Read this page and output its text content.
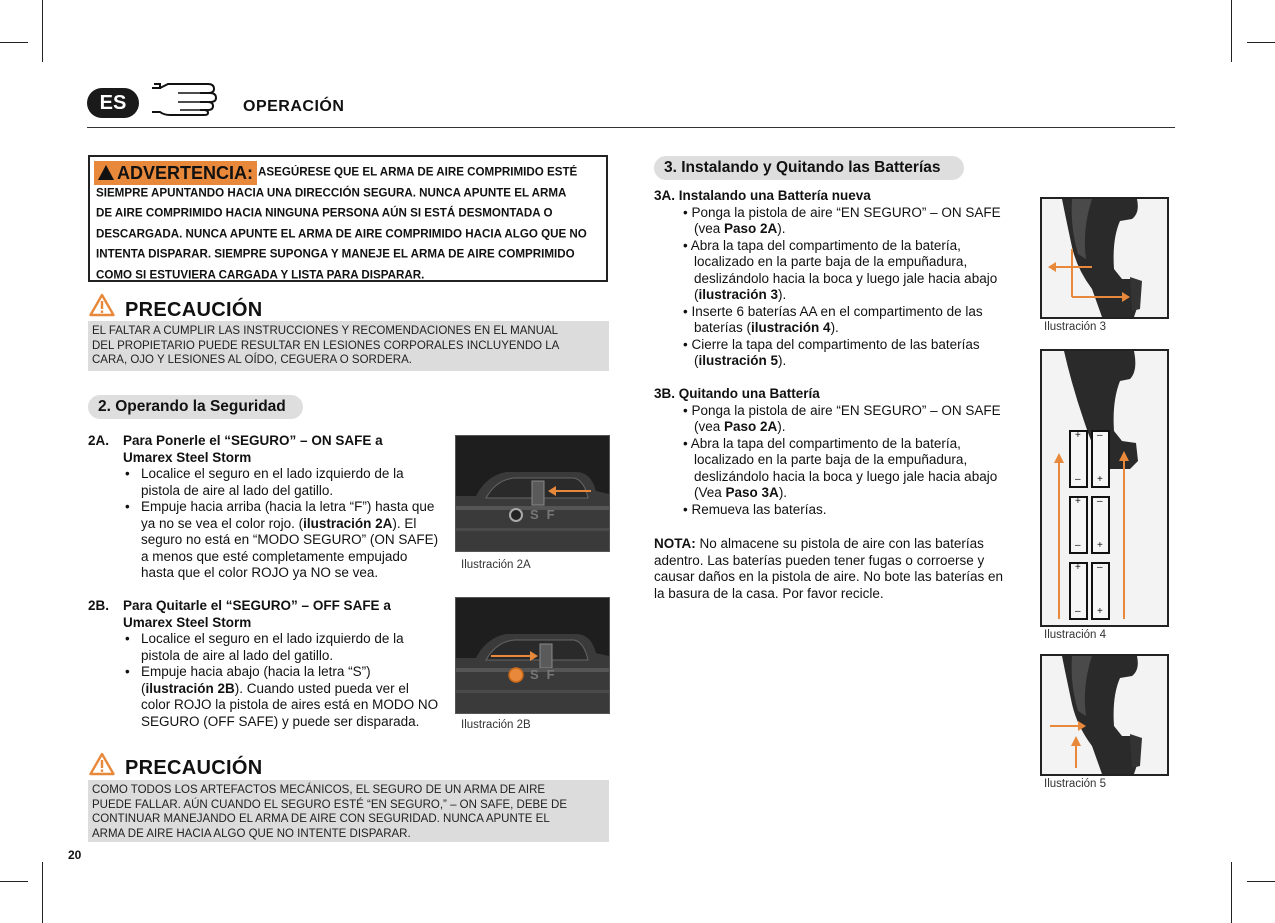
ES	OPERACIÓN
ASEGÚRESE QUE EL ARMA DE AIRE COMPRIMIDO ESTÉ
SIEMPRE APUNTANDO HACIA UNA DIRECCIÓN SEGURA. NUNCA APUNTE EL ARMA
DE AIRE COMPRIMIDO HACIA NINGUNA PERSONA AÚN SI ESTÁ DESMONTADA O
DESCARGADA. NUNCA APUNTE EL ARMA DE AIRE COMPRIMIDO HACIA ALGO QUE NO
INTENTA DISPARAR. SIEMPRE SUPONGA Y MANEJE EL ARMA DE AIRE COMPRIMIDO
COMO SI ESTUVIERA CARGADA Y LISTA PARA DISPARAR.
ADVERTENCIA:
PRECAUCIÓN
EL FALTAR A CUMPLIR LAS INSTRUCCIONES Y RECOMENDACIONES EN EL MANUAL
DEL PROPIETARIO PUEDE RESULTAR EN LESIONES CORPORALES INCLUYENDO LA
CARA, OJO Y LESIONES AL OÍDO, CEGUERA O SORDERA.
2. Operando la Seguridad
2A. Para Ponerle el “SEGURO” – ON SAFE a
Umarex Steel Storm
• Localice el seguro en el lado izquierdo de la
pistola de aire al lado del gatillo.
• Empuje hacia arriba (hacia la letra “F”) hasta que
ya no se vea el color rojo. (ilustración 2A). El
seguro no está en “MODO SEGURO” (ON SAFE)
a menos que esté completamente empujado
hasta que el color ROJO ya NO se vea.
SF
Ilustración 2A
2B. Para Quitarle el “SEGURO” – OFF SAFE a
Umarex Steel Storm
• Localice el seguro en el lado izquierdo de la
pistola de aire al lado del gatillo.
• Empuje hacia abajo (hacia la letra “S”)
(ilustración 2B). Cuando usted pueda ver el
color ROJO la pistola de aires está en MODO NO
SEGURO (OFF SAFE) y puede ser disparada.
SF
Ilustración 2B
PRECAUCIÓN
COMO TODOS LOS ARTEFACTOS MECÁNICOS, EL SEGURO DE UN ARMA DE AIRE
PUEDE FALLAR. AÚN CUANDO EL SEGURO ESTÉ “EN SEGURO,” – ON SAFE, DEBE DE
CONTINUAR MANEJANDO EL ARMA DE AIRE CON SEGURIDAD. NUNCA APUNTE EL
ARMA DE AIRE HACIA ALGO QUE NO INTENTE DISPARAR.
20
3. Instalando y Quitando las Batterías
3A. Instalando una Battería nueva
• Ponga la pistola de aire “EN SEGURO” – ON SAFE
(vea Paso 2A).
• Abra la tapa del compartimento de la batería,
localizado en la parte baja de la empuñadura,
deslizándolo hacia la boca y luego jale hacia abajo
(ilustración 3).
• Inserte 6 baterías AA en el compartimento de las
baterías (ilustración 4).
• Cierre la tapa del compartimento de las baterías
(ilustración 5).
3B. Quitando una Battería
• Ponga la pistola de aire “EN SEGURO” – ON SAFE
(vea Paso 2A).
• Abra la tapa del compartimento de la batería,
localizado en la parte baja de la empuñadura,
deslizándolo hacia la boca y luego jale hacia abajo
(Vea Paso 3A).
• Remueva las baterías.
NOTA: No almacene su pistola de aire con las baterías
adentro. Las baterías pueden tener fugas o corroerse y
causar daños en la pistola de aire. No bote las baterías en
la basura de la casa. Por favor recicle.
Ilustración 3
+
–
–
+
+
–
–
+
+
–
–
+
Ilustración 4
Ilustración 5
